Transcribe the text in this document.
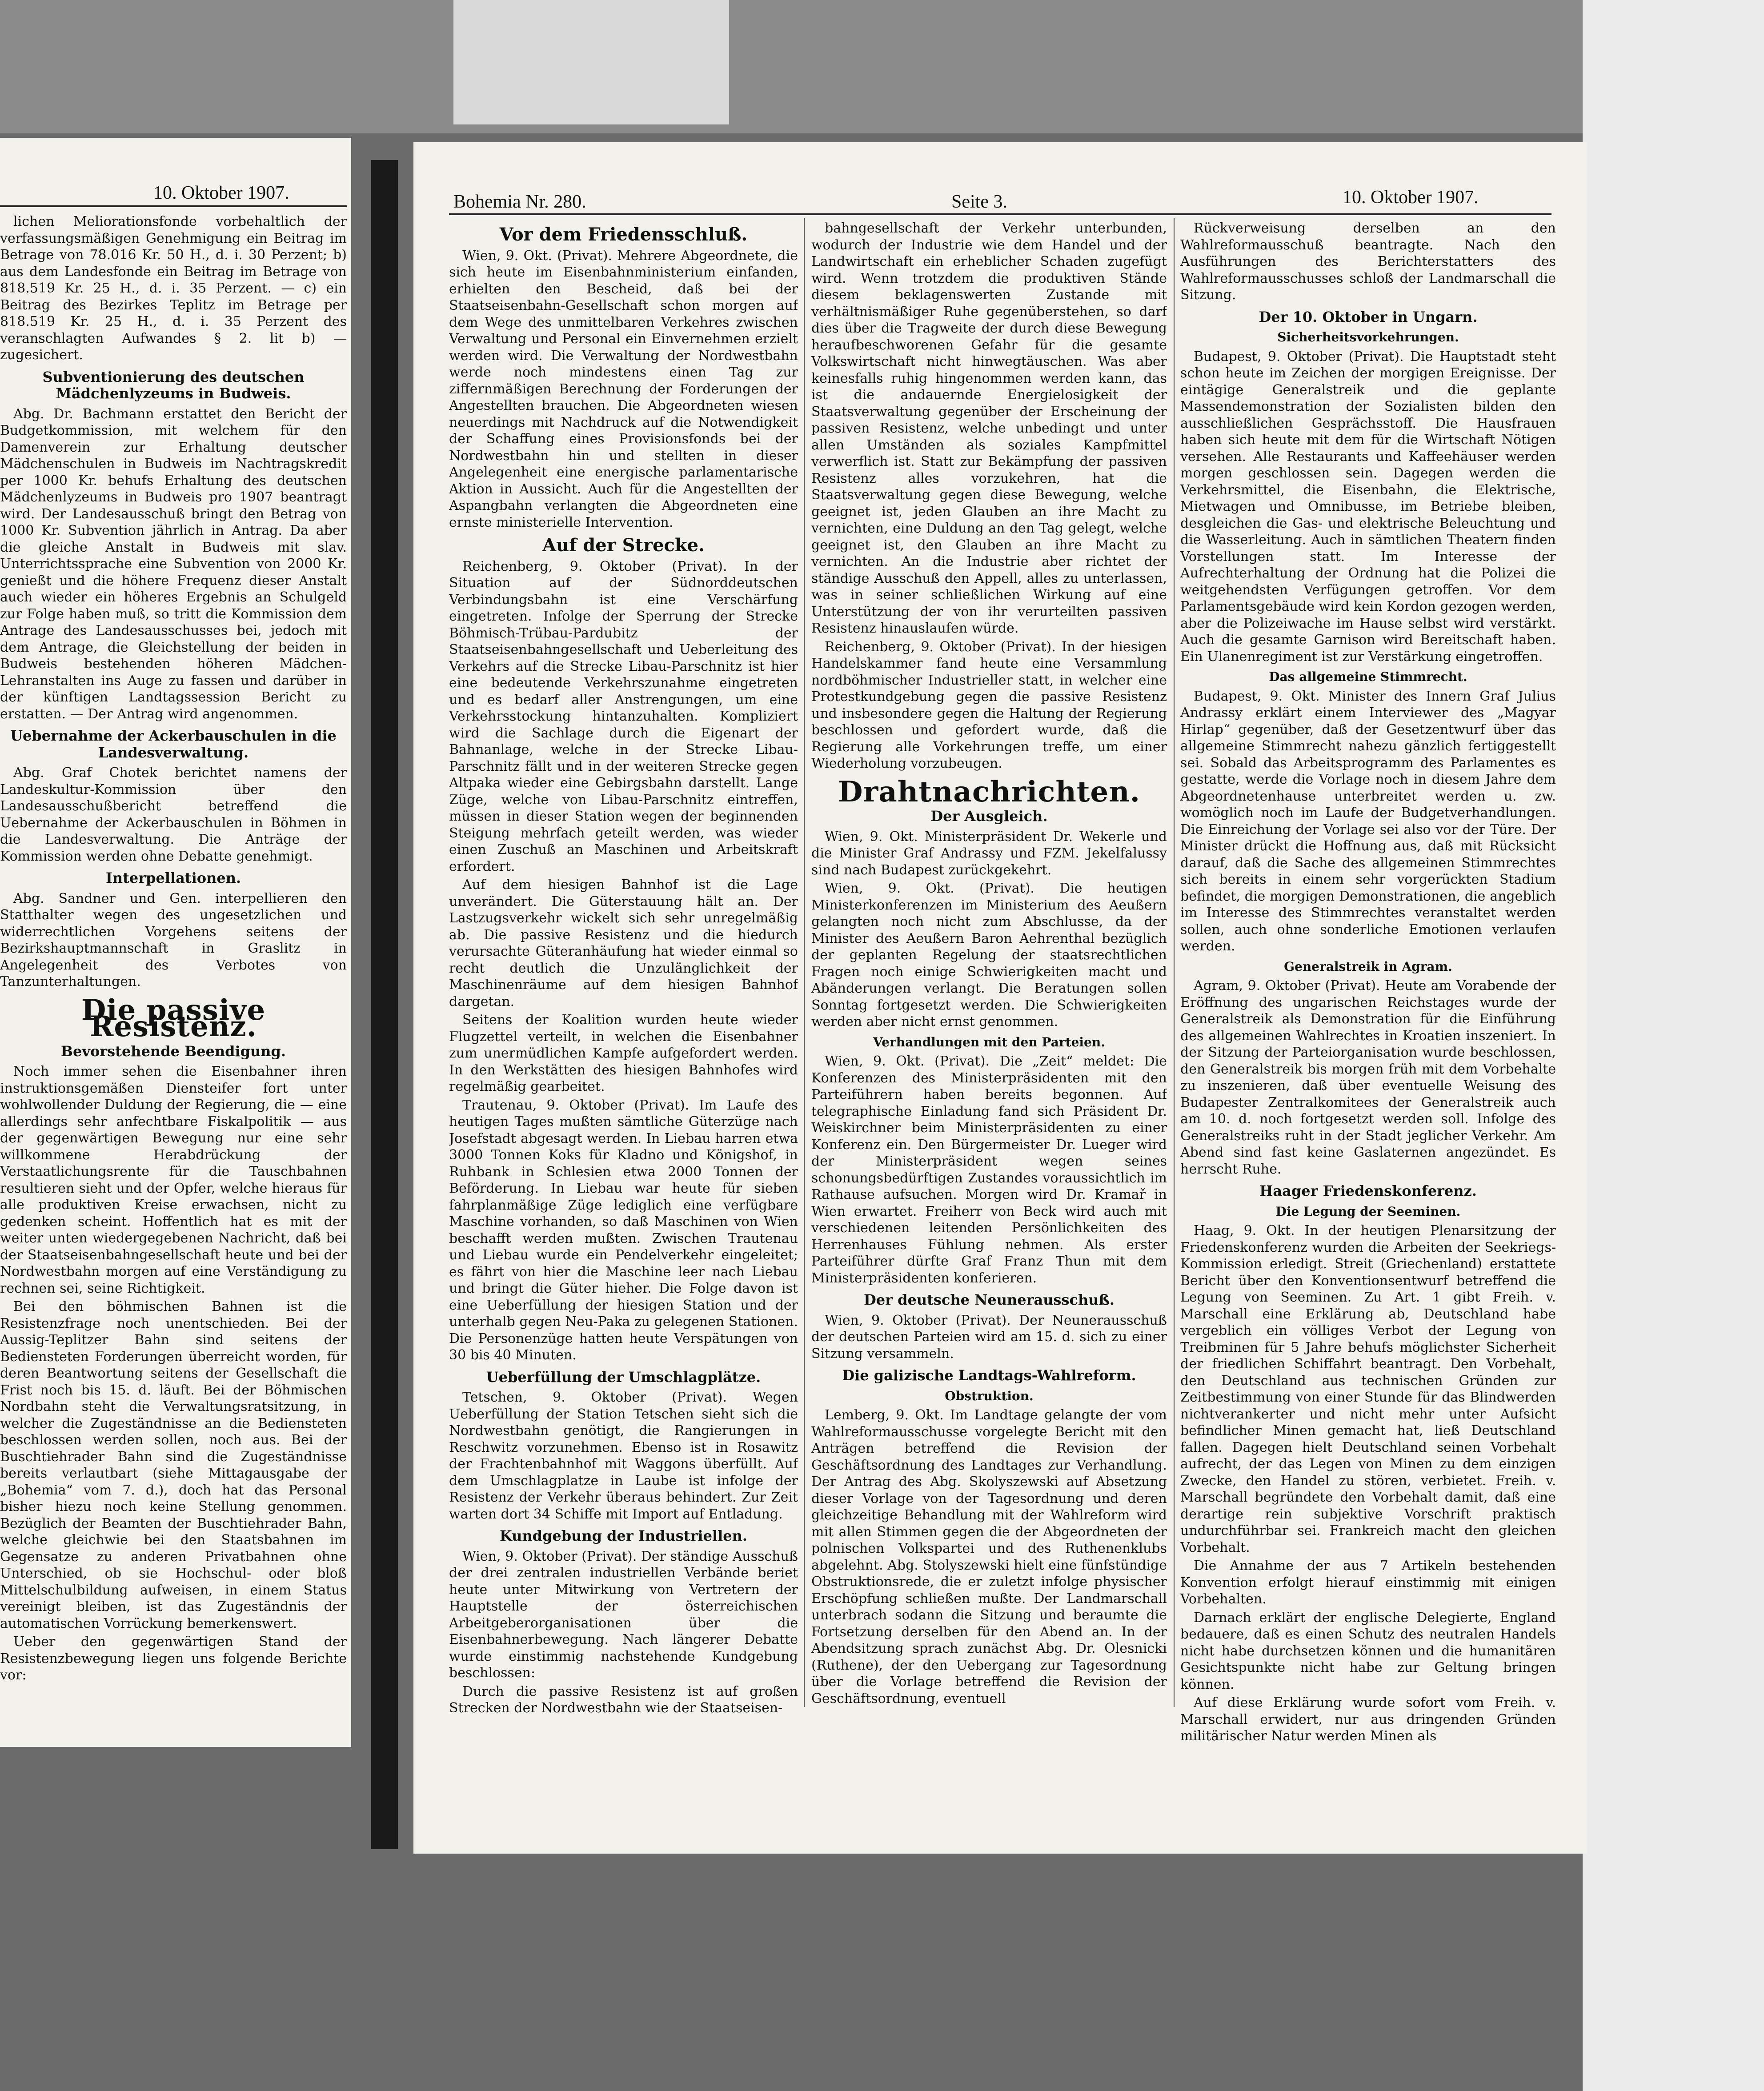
10. Oktober 1907.

lichen Meliorationsfonde vorbehaltlich der verfassungsmäßigen Genehmigung ein Beitrag im Betrage von 78.016 Kr. 50 H., d. i. 30 Perzent; b) aus dem Landesfonde ein Beitrag im Betrage von 818.519 Kr. 25 H., d. i. 35 Perzent. — c) ein Beitrag des Bezirkes Teplitz im Betrage per 818.519 Kr. 25 H., d. i. 35 Perzent des veranschlagten Aufwandes § 2. lit b) — zugesichert.

Subventionierung des deutschen Mädchenlyzeums in Budweis.

Abg. Dr. Bachmann erstattet den Bericht der Budgetkommission, mit welchem für den Damenverein zur Erhaltung deutscher Mädchenschulen in Budweis im Nachtragskredit per 1000 Kr. behufs Erhaltung des deutschen Mädchenlyzeums in Budweis pro 1907 beantragt wird. Der Landesausschuß bringt den Betrag von 1000 Kr. Subvention jährlich in Antrag. Da aber die gleiche Anstalt in Budweis mit slav. Unterrichtssprache eine Subvention von 2000 Kr. genießt und die höhere Frequenz dieser Anstalt auch wieder ein höheres Ergebnis an Schulgeld zur Folge haben muß, so tritt die Kommission dem Antrage des Landesausschusses bei, jedoch mit dem Antrage, die Gleichstellung der beiden in Budweis bestehenden höheren Mädchen-Lehranstalten ins Auge zu fassen und darüber in der künftigen Landtagssession Bericht zu erstatten. — Der Antrag wird angenommen.

Uebernahme der Ackerbauschulen in die Landesverwaltung.

Abg. Graf Chotek berichtet namens der Landeskultur-Kommission über den Landesausschußbericht betreffend die Uebernahme der Ackerbauschulen in Böhmen in die Landesverwaltung. Die Anträge der Kommission werden ohne Debatte genehmigt.

Interpellationen.

Abg. Sandner und Gen. interpellieren den Statthalter wegen des ungesetzlichen und widerrechtlichen Vorgehens seitens der Bezirkshauptmannschaft in Graslitz in Angelegenheit des Verbotes von Tanzunterhaltungen.

Die passive Resistenz.
Bevorstehende Beendigung.

Noch immer sehen die Eisenbahner ihren instruktionsgemäßen Diensteifer fort unter wohlwollender Duldung der Regierung, die — eine allerdings sehr anfechtbare Fiskalpolitik — aus der gegenwärtigen Bewegung nur eine sehr willkommene Herabdrückung der Verstaatlichungsrente für die Tauschbahnen resultieren sieht und der Opfer, welche hieraus für alle produktiven Kreise erwachsen, nicht zu gedenken scheint. Hoffentlich hat es mit der weiter unten wiedergegebenen Nachricht, daß bei der Staatseisenbahngesellschaft heute und bei der Nordwestbahn morgen auf eine Verständigung zu rechnen sei, seine Richtigkeit.

Bei den böhmischen Bahnen ist die Resistenzfrage noch unentschieden. Bei der Aussig-Teplitzer Bahn sind seitens der Bediensteten Forderungen überreicht worden, für deren Beantwortung seitens der Gesellschaft die Frist noch bis 15. d. läuft. Bei der Böhmischen Nordbahn steht die Verwaltungsratsitzung, in welcher die Zugeständnisse an die Bediensteten beschlossen werden sollen, noch aus. Bei der Buschtiehrader Bahn sind die Zugeständnisse bereits verlautbart (siehe Mittagausgabe der „Bohemia“ vom 7. d.), doch hat das Personal bisher hiezu noch keine Stellung genommen. Bezüglich der Beamten der Buschtiehrader Bahn, welche gleichwie bei den Staatsbahnen im Gegensatze zu anderen Privatbahnen ohne Unterschied, ob sie Hochschul- oder bloß Mittelschulbildung aufweisen, in einem Status vereinigt bleiben, ist das Zugeständnis der automatischen Vorrückung bemerkenswert.

Ueber den gegenwärtigen Stand der Resistenzbewegung liegen uns folgende Berichte vor:

Bohemia Nr. 280.	Seite 3.	10. Oktober 1907.
Vor dem Friedensschluß.

Wien, 9. Okt. (Privat). Mehrere Abgeordnete, die sich heute im Eisenbahnministerium einfanden, erhielten den Bescheid, daß bei der Staatseisenbahn-Gesellschaft schon morgen auf dem Wege des unmittelbaren Verkehres zwischen Verwaltung und Personal ein Einvernehmen erzielt werden wird. Die Verwaltung der Nordwestbahn werde noch mindestens einen Tag zur ziffernmäßigen Berechnung der Forderungen der Angestellten brauchen. Die Abgeordneten wiesen neuerdings mit Nachdruck auf die Notwendigkeit der Schaffung eines Provisionsfonds bei der Nordwestbahn hin und stellten in dieser Angelegenheit eine energische parlamentarische Aktion in Aussicht. Auch für die Angestellten der Aspangbahn verlangten die Abgeordneten eine ernste ministerielle Intervention.

Auf der Strecke.

Reichenberg, 9. Oktober (Privat). In der Situation auf der Südnorddeutschen Verbindungsbahn ist eine Verschärfung eingetreten. Infolge der Sperrung der Strecke Böhmisch-Trübau-Pardubitz der Staatseisenbahngesellschaft und Ueberleitung des Verkehrs auf die Strecke Libau-Parschnitz ist hier eine bedeutende Verkehrszunahme eingetreten und es bedarf aller Anstrengungen, um eine Verkehrsstockung hintanzuhalten. Kompliziert wird die Sachlage durch die Eigenart der Bahnanlage, welche in der Strecke Libau-Parschnitz fällt und in der weiteren Strecke gegen Altpaka wieder eine Gebirgsbahn darstellt. Lange Züge, welche von Libau-Parschnitz eintreffen, müssen in dieser Station wegen der beginnenden Steigung mehrfach geteilt werden, was wieder einen Zuschuß an Maschinen und Arbeitskraft erfordert.

Auf dem hiesigen Bahnhof ist die Lage unverändert. Die Güterstauung hält an. Der Lastzugsverkehr wickelt sich sehr unregelmäßig ab. Die passive Resistenz und die hiedurch verursachte Güteranhäufung hat wieder einmal so recht deutlich die Unzulänglichkeit der Maschinenräume auf dem hiesigen Bahnhof dargetan.

Seitens der Koalition wurden heute wieder Flugzettel verteilt, in welchen die Eisenbahner zum unermüdlichen Kampfe aufgefordert werden. In den Werkstätten des hiesigen Bahnhofes wird regelmäßig gearbeitet.

Trautenau, 9. Oktober (Privat). Im Laufe des heutigen Tages mußten sämtliche Güterzüge nach Josefstadt abgesagt werden. In Liebau harren etwa 3000 Tonnen Koks für Kladno und Königshof, in Ruhbank in Schlesien etwa 2000 Tonnen der Beförderung. In Liebau war heute für sieben fahrplanmäßige Züge lediglich eine verfügbare Maschine vorhanden, so daß Maschinen von Wien beschafft werden mußten. Zwischen Trautenau und Liebau wurde ein Pendelverkehr eingeleitet; es fährt von hier die Maschine leer nach Liebau und bringt die Güter hieher. Die Folge davon ist eine Ueberfüllung der hiesigen Station und der unterhalb gegen Neu-Paka zu gelegenen Stationen. Die Personenzüge hatten heute Verspätungen von 30 bis 40 Minuten.

Ueberfüllung der Umschlagplätze.

Tetschen, 9. Oktober (Privat). Wegen Ueberfüllung der Station Tetschen sieht sich die Nordwestbahn genötigt, die Rangierungen in Reschwitz vorzunehmen. Ebenso ist in Rosawitz der Frachtenbahnhof mit Waggons überfüllt. Auf dem Umschlagplatze in Laube ist infolge der Resistenz der Verkehr überaus behindert. Zur Zeit warten dort 34 Schiffe mit Import auf Entladung.

Kundgebung der Industriellen.

Wien, 9. Oktober (Privat). Der ständige Ausschuß der drei zentralen industriellen Verbände beriet heute unter Mitwirkung von Vertretern der Hauptstelle der österreichischen Arbeitgeberorganisationen über die Eisenbahnerbewegung. Nach längerer Debatte wurde einstimmig nachstehende Kundgebung beschlossen:

Durch die passive Resistenz ist auf großen Strecken der Nordwestbahn wie der Staatseisen-

bahngesellschaft der Verkehr unterbunden, wodurch der Industrie wie dem Handel und der Landwirtschaft ein erheblicher Schaden zugefügt wird. Wenn trotzdem die produktiven Stände diesem beklagenswerten Zustande mit verhältnismäßiger Ruhe gegenüberstehen, so darf dies über die Tragweite der durch diese Bewegung heraufbeschworenen Gefahr für die gesamte Volkswirtschaft nicht hinwegtäuschen. Was aber keinesfalls ruhig hingenommen werden kann, das ist die andauernde Energielosigkeit der Staatsverwaltung gegenüber der Erscheinung der passiven Resistenz, welche unbedingt und unter allen Umständen als soziales Kampfmittel verwerflich ist. Statt zur Bekämpfung der passiven Resistenz alles vorzukehren, hat die Staatsverwaltung gegen diese Bewegung, welche geeignet ist, jeden Glauben an ihre Macht zu vernichten, eine Duldung an den Tag gelegt, welche geeignet ist, den Glauben an ihre Macht zu vernichten. An die Industrie aber richtet der ständige Ausschuß den Appell, alles zu unterlassen, was in seiner schließlichen Wirkung auf eine Unterstützung der von ihr verurteilten passiven Resistenz hinauslaufen würde.

Reichenberg, 9. Oktober (Privat). In der hiesigen Handelskammer fand heute eine Versammlung nordböhmischer Industrieller statt, in welcher eine Protestkundgebung gegen die passive Resistenz und insbesondere gegen die Haltung der Regierung beschlossen und gefordert wurde, daß die Regierung alle Vorkehrungen treffe, um einer Wiederholung vorzubeugen.

Drahtnachrichten.
Der Ausgleich.

Wien, 9. Okt. Ministerpräsident Dr. Wekerle und die Minister Graf Andrassy und FZM. Jekelfalussy sind nach Budapest zurückgekehrt.

Wien, 9. Okt. (Privat). Die heutigen Ministerkonferenzen im Ministerium des Aeußern gelangten noch nicht zum Abschlusse, da der Minister des Aeußern Baron Aehrenthal bezüglich der geplanten Regelung der staatsrechtlichen Fragen noch einige Schwierigkeiten macht und Abänderungen verlangt. Die Beratungen sollen Sonntag fortgesetzt werden. Die Schwierigkeiten werden aber nicht ernst genommen.

Verhandlungen mit den Parteien.

Wien, 9. Okt. (Privat). Die „Zeit“ meldet: Die Konferenzen des Ministerpräsidenten mit den Parteiführern haben bereits begonnen. Auf telegraphische Einladung fand sich Präsident Dr. Weiskirchner beim Ministerpräsidenten zu einer Konferenz ein. Den Bürgermeister Dr. Lueger wird der Ministerpräsident wegen seines schonungsbedürftigen Zustandes voraussichtlich im Rathause aufsuchen. Morgen wird Dr. Kramař in Wien erwartet. Freiherr von Beck wird auch mit verschiedenen leitenden Persönlichkeiten des Herrenhauses Fühlung nehmen. Als erster Parteiführer dürfte Graf Franz Thun mit dem Ministerpräsidenten konferieren.

Der deutsche Neunerausschuß.

Wien, 9. Oktober (Privat). Der Neunerausschuß der deutschen Parteien wird am 15. d. sich zu einer Sitzung versammeln.

Die galizische Landtags-Wahlreform.
Obstruktion.

Lemberg, 9. Okt. Im Landtage gelangte der vom Wahlreformausschusse vorgelegte Bericht mit den Anträgen betreffend die Revision der Geschäftsordnung des Landtages zur Verhandlung. Der Antrag des Abg. Skolyszewski auf Absetzung dieser Vorlage von der Tagesordnung und deren gleichzeitige Behandlung mit der Wahlreform wird mit allen Stimmen gegen die der Abgeordneten der polnischen Volkspartei und des Ruthenenklubs abgelehnt. Abg. Stolyszewski hielt eine fünfstündige Obstruktionsrede, die er zuletzt infolge physischer Erschöpfung schließen mußte. Der Landmarschall unterbrach sodann die Sitzung und beraumte die Fortsetzung derselben für den Abend an. In der Abendsitzung sprach zunächst Abg. Dr. Olesnicki (Ruthene), der den Uebergang zur Tagesordnung über die Vorlage betreffend die Revision der Geschäftsordnung, eventuell

Rückverweisung derselben an den Wahlreformausschuß beantragte. Nach den Ausführungen des Berichterstatters des Wahlreformausschusses schloß der Landmarschall die Sitzung.

Der 10. Oktober in Ungarn.
Sicherheitsvorkehrungen.

Budapest, 9. Oktober (Privat). Die Hauptstadt steht schon heute im Zeichen der morgigen Ereignisse. Der eintägige Generalstreik und die geplante Massendemonstration der Sozialisten bilden den ausschließlichen Gesprächsstoff. Die Hausfrauen haben sich heute mit dem für die Wirtschaft Nötigen versehen. Alle Restaurants und Kaffeehäuser werden morgen geschlossen sein. Dagegen werden die Verkehrsmittel, die Eisenbahn, die Elektrische, Mietwagen und Omnibusse, im Betriebe bleiben, desgleichen die Gas- und elektrische Beleuchtung und die Wasserleitung. Auch in sämtlichen Theatern finden Vorstellungen statt. Im Interesse der Aufrechterhaltung der Ordnung hat die Polizei die weitgehendsten Verfügungen getroffen. Vor dem Parlamentsgebäude wird kein Kordon gezogen werden, aber die Polizeiwache im Hause selbst wird verstärkt. Auch die gesamte Garnison wird Bereitschaft haben. Ein Ulanenregiment ist zur Verstärkung eingetroffen.

Das allgemeine Stimmrecht.

Budapest, 9. Okt. Minister des Innern Graf Julius Andrassy erklärt einem Interviewer des „Magyar Hirlap“ gegenüber, daß der Gesetzentwurf über das allgemeine Stimmrecht nahezu gänzlich fertiggestellt sei. Sobald das Arbeitsprogramm des Parlamentes es gestatte, werde die Vorlage noch in diesem Jahre dem Abgeordnetenhause unterbreitet werden u. zw. womöglich noch im Laufe der Budgetverhandlungen. Die Einreichung der Vorlage sei also vor der Türe. Der Minister drückt die Hoffnung aus, daß mit Rücksicht darauf, daß die Sache des allgemeinen Stimmrechtes sich bereits in einem sehr vorgerückten Stadium befindet, die morgigen Demonstrationen, die angeblich im Interesse des Stimmrechtes veranstaltet werden sollen, auch ohne sonderliche Emotionen verlaufen werden.

Generalstreik in Agram.

Agram, 9. Oktober (Privat). Heute am Vorabende der Eröffnung des ungarischen Reichstages wurde der Generalstreik als Demonstration für die Einführung des allgemeinen Wahlrechtes in Kroatien inszeniert. In der Sitzung der Parteiorganisation wurde beschlossen, den Generalstreik bis morgen früh mit dem Vorbehalte zu inszenieren, daß über eventuelle Weisung des Budapester Zentralkomitees der Generalstreik auch am 10. d. noch fortgesetzt werden soll. Infolge des Generalstreiks ruht in der Stadt jeglicher Verkehr. Am Abend sind fast keine Gaslaternen angezündet. Es herrscht Ruhe.

Haager Friedenskonferenz.
Die Legung der Seeminen.

Haag, 9. Okt. In der heutigen Plenarsitzung der Friedenskonferenz wurden die Arbeiten der Seekriegs-Kommission erledigt. Streit (Griechenland) erstattete Bericht über den Konventionsentwurf betreffend die Legung von Seeminen. Zu Art. 1 gibt Freih. v. Marschall eine Erklärung ab, Deutschland habe vergeblich ein völliges Verbot der Legung von Treibminen für 5 Jahre behufs möglichster Sicherheit der friedlichen Schiffahrt beantragt. Den Vorbehalt, den Deutschland aus technischen Gründen zur Zeitbestimmung von einer Stunde für das Blindwerden nichtverankerter und nicht mehr unter Aufsicht befindlicher Minen gemacht hat, ließ Deutschland fallen. Dagegen hielt Deutschland seinen Vorbehalt aufrecht, der das Legen von Minen zu dem einzigen Zwecke, den Handel zu stören, verbietet. Freih. v. Marschall begründete den Vorbehalt damit, daß eine derartige rein subjektive Vorschrift praktisch undurchführbar sei. Frankreich macht den gleichen Vorbehalt.

Die Annahme der aus 7 Artikeln bestehenden Konvention erfolgt hierauf einstimmig mit einigen Vorbehalten.

Darnach erklärt der englische Delegierte, England bedauere, daß es einen Schutz des neutralen Handels nicht habe durchsetzen können und die humanitären Gesichtspunkte nicht habe zur Geltung bringen können.

Auf diese Erklärung wurde sofort vom Freih. v. Marschall erwidert, nur aus dringenden Gründen militärischer Natur werden Minen als
